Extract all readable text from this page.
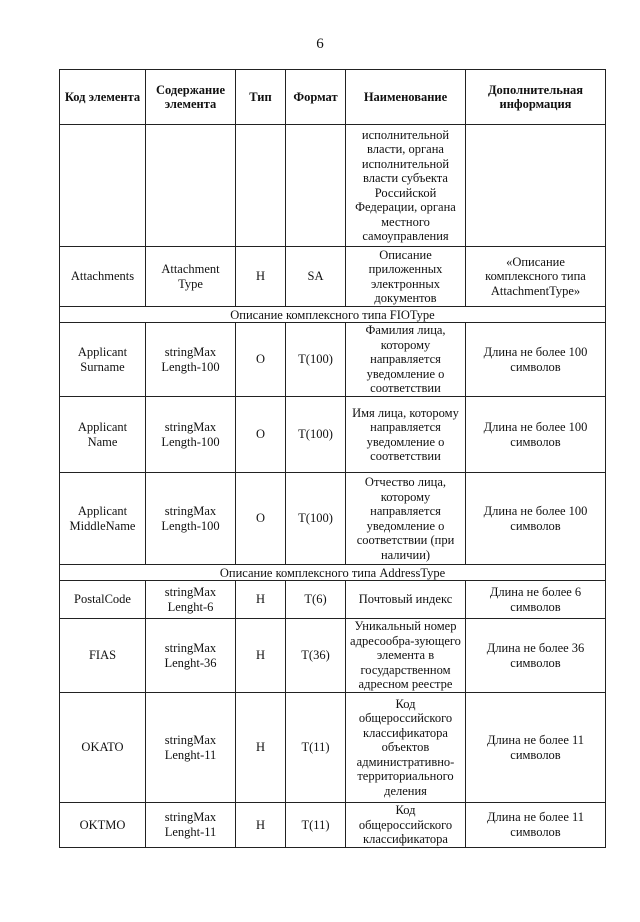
6
Код элемента	Содержание элемента	Тип	Формат	Наименование	Дополнительная информация
				исполнительной власти, органа исполнительной власти субъекта Российской Федерации, органа местного самоуправления	
Attachments	Attachment Type	Н	SA	Описание приложенных электронных документов	«Описание комплексного типа AttachmentType»
Описание комплексного типа FIOType					
Applicant Surname	stringMax Length-100	О	T(100)	Фамилия лица, которому направляется уведомление о соответствии	Длина не более 100 символов
Applicant Name	stringMax Length-100	О	T(100)	Имя лица, которому направляется уведомление о соответствии	Длина не более 100 символов
Applicant MiddleName	stringMax Length-100	О	T(100)	Отчество лица, которому направляется уведомление о соответствии (при наличии)	Длина не более 100 символов
Описание комплексного типа AddressType					
PostalCode	stringMax Lenght-6	Н	T(6)	Почтовый индекс	Длина не более 6 символов
FIAS	stringMax Lenght-36	Н	T(36)	Уникальный номер адресообра-зующего элемента в государственном адресном реестре	Длина не более 36 символов
OKATO	stringMax Lenght-11	Н	T(11)	Код общероссийского классификатора объектов административно-территориального деления	Длина не более 11 символов
OKTMO	stringMax Lenght-11	Н	T(11)	Код общероссийского классификатора	Длина не более 11 символов
